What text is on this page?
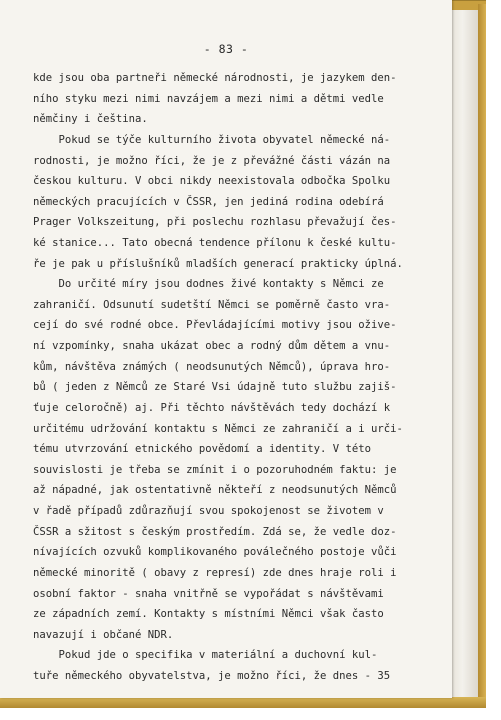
- 83 -
kde jsou oba partneři německé národnosti, je jazykem den-
ního styku mezi nimi navzájem a mezi nimi a dětmi vedle
němčiny i čeština.
Pokud se týče kulturního života obyvatel německé ná-
rodnosti, je možno říci, že je z převážné části vázán na
českou kulturu. V obci nikdy neexistovala odbočka Spolku
německých pracujících v ČSSR, jen jediná rodina odebírá
Prager Volkszeitung, při poslechu rozhlasu převažují čes-
ké stanice... Tato obecná tendence přílonu k české kultu-
ře je pak u příslušníků mladších generací prakticky úplná.
Do určité míry jsou dodnes živé kontakty s Němci ze
zahraničí. Odsunutí sudetští Němci se poměrně často vra-
cejí do své rodné obce. Převládajícími motivy jsou ožive-
ní vzpomínky, snaha ukázat obec a rodný dům dětem a vnu-
kům, návštěva známých ( neodsunutých Němců), úprava hro-
bů ( jeden z Němců ze Staré Vsi údajně tuto službu zajiš-
ťuje celoročně) aj. Při těchto návštěvách tedy dochází k
určitému udržování kontaktu s Němci ze zahraničí a i urči-
tému utvrzování etnického povědomí a identity. V této
souvislosti je třeba se zmínit i o pozoruhodném faktu: je
až nápadné, jak ostentativně někteří z neodsunutých Němců
v řadě případů zdůrazňují svou spokojenost se životem v
ČSSR a sžitost s českým prostředím. Zdá se, že vedle doz-
nívajících ozvuků komplikovaného poválečného postoje vůči
německé minoritě ( obavy z represí) zde dnes hraje roli i
osobní faktor - snaha vnitřně se vypořádat s návštěvami
ze západních zemí. Kontakty s místními Němci však často
navazují i občané NDR.
Pokud jde o specifika v materiální a duchovní kul-
tuře německého obyvatelstva, je možno říci, že dnes - 35
